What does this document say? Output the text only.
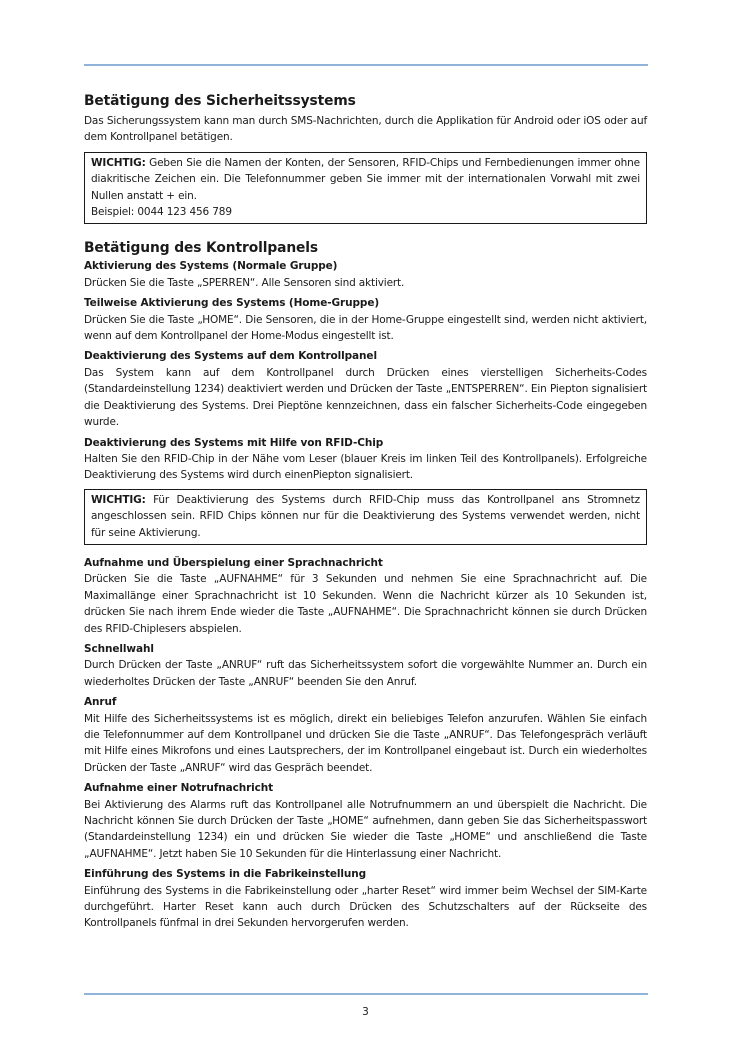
Betätigung des Sicherheitssystems

Das Sicherungssystem kann man durch SMS-Nachrichten, durch die Applikation für Android oder iOS oder auf dem Kontrollpanel betätigen.

WICHTIG: Geben Sie die Namen der Konten, der Sensoren, RFID-Chips und Fernbedienungen immer ohne diakritische Zeichen ein. Die Telefonnummer geben Sie immer mit der internationalen Vorwahl mit zwei Nullen anstatt + ein.

Beispiel: 0044 123 456 789

Betätigung des Kontrollpanels
Aktivierung des Systems (Normale Gruppe)

Drücken Sie die Taste „SPERREN“. Alle Sensoren sind aktiviert.

Teilweise Aktivierung des Systems (Home-Gruppe)

Drücken Sie die Taste „HOME“. Die Sensoren, die in der Home-Gruppe eingestellt sind, werden nicht aktiviert, wenn auf dem Kontrollpanel der Home-Modus eingestellt ist.

Deaktivierung des Systems auf dem Kontrollpanel

Das System kann auf dem Kontrollpanel durch Drücken eines vierstelligen Sicherheits-Codes (Standardeinstellung 1234) deaktiviert werden und Drücken der Taste „ENTSPERREN“. Ein Piepton signalisiert die Deaktivierung des Systems. Drei Pieptöne kennzeichnen, dass ein falscher Sicherheits-Code eingegeben wurde.

Deaktivierung des Systems mit Hilfe von RFID-Chip

Halten Sie den RFID-Chip in der Nähe vom Leser (blauer Kreis im linken Teil des Kontrollpanels). Erfolgreiche Deaktivierung des Systems wird durch einenPiepton signalisiert.

WICHTIG: Für Deaktivierung des Systems durch RFID-Chip muss das Kontrollpanel ans Stromnetz angeschlossen sein. RFID Chips können nur für die Deaktivierung des Systems verwendet werden, nicht für seine Aktivierung.

Aufnahme und Überspielung einer Sprachnachricht

Drücken Sie die Taste „AUFNAHME“ für 3 Sekunden und nehmen Sie eine Sprachnachricht auf. Die Maximallänge einer Sprachnachricht ist 10 Sekunden. Wenn die Nachricht kürzer als 10 Sekunden ist, drücken Sie nach ihrem Ende wieder die Taste „AUFNAHME“. Die Sprachnachricht können sie durch Drücken des RFID-Chiplesers abspielen.

Schnellwahl

Durch Drücken der Taste „ANRUF“ ruft das Sicherheitssystem sofort die vorgewählte Nummer an. Durch ein wiederholtes Drücken der Taste „ANRUF“ beenden Sie den Anruf.

Anruf

Mit Hilfe des Sicherheitssystems ist es möglich, direkt ein beliebiges Telefon anzurufen. Wählen Sie einfach die Telefonnummer auf dem Kontrollpanel und drücken Sie die Taste „ANRUF“. Das Telefongespräch verläuft mit Hilfe eines Mikrofons und eines Lautsprechers, der im Kontrollpanel eingebaut ist. Durch ein wiederholtes Drücken der Taste „ANRUF“ wird das Gespräch beendet.

Aufnahme einer Notrufnachricht

Bei Aktivierung des Alarms ruft das Kontrollpanel alle Notrufnummern an und überspielt die Nachricht. Die Nachricht können Sie durch Drücken der Taste „HOME“ aufnehmen, dann geben Sie das Sicherheitspasswort (Standardeinstellung 1234) ein und drücken Sie wieder die Taste „HOME“ und anschließend die Taste „AUFNAHME“. Jetzt haben Sie 10 Sekunden für die Hinterlassung einer Nachricht.

Einführung des Systems in die Fabrikeinstellung

Einführung des Systems in die Fabrikeinstellung oder „harter Reset“ wird immer beim Wechsel der SIM-Karte durchgeführt. Harter Reset kann auch durch Drücken des Schutzschalters auf der Rückseite des Kontrollpanels fünfmal in drei Sekunden hervorgerufen werden.

3
